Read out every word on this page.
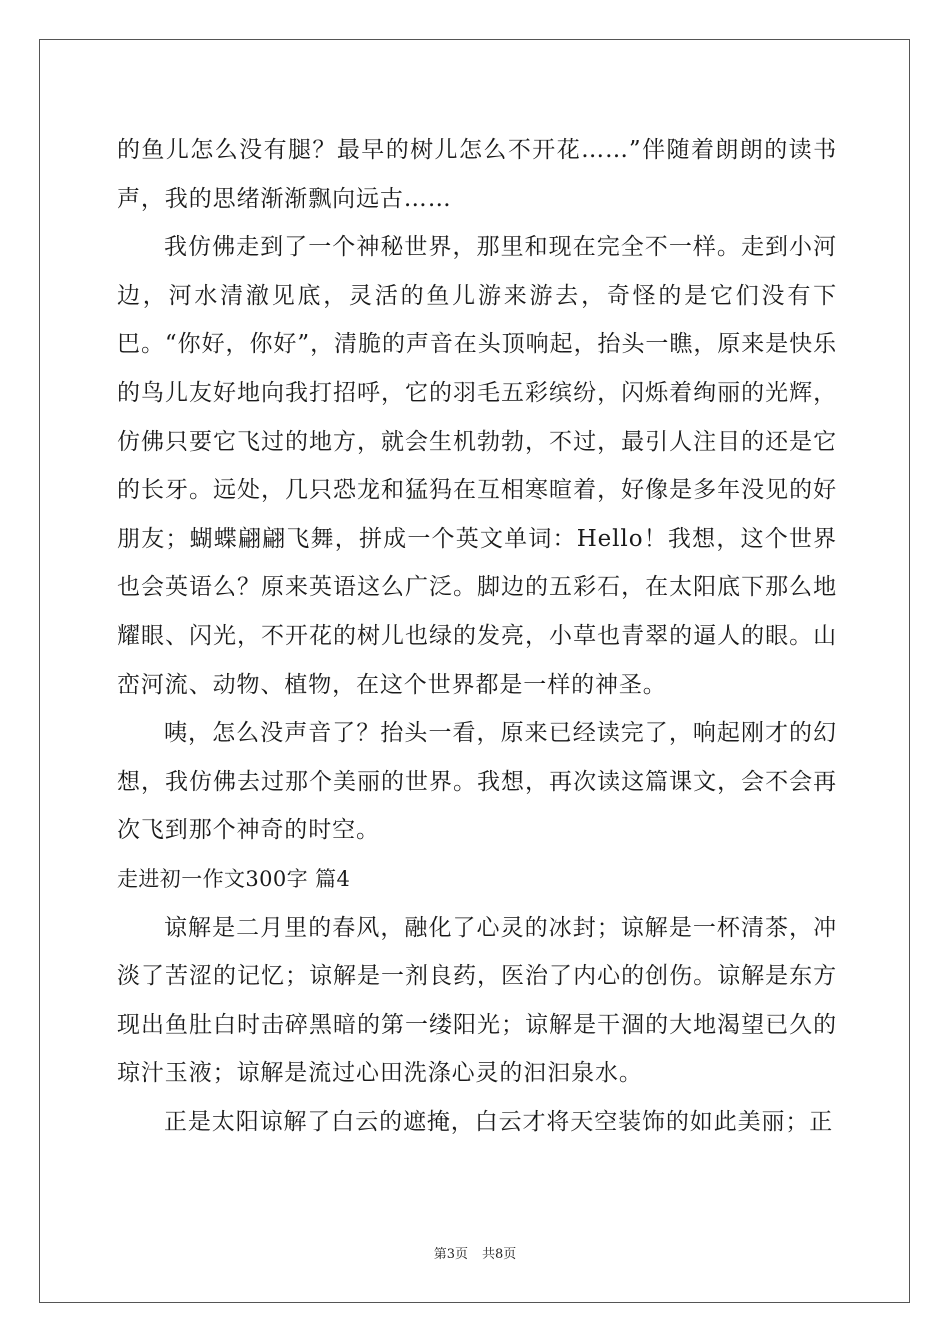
的鱼儿怎么没有腿？最早的树儿怎么不开花……”伴随着朗朗的读书声，我的思绪渐渐飘向远古……

我仿佛走到了一个神秘世界，那里和现在完全不一样。走到小河边，河水清澈见底，灵活的鱼儿游来游去，奇怪的是它们没有下巴。“你好，你好”，清脆的声音在头顶响起，抬头一瞧，原来是快乐的鸟儿友好地向我打招呼，它的羽毛五彩缤纷，闪烁着绚丽的光辉，仿佛只要它飞过的地方，就会生机勃勃，不过，最引人注目的还是它的长牙。远处，几只恐龙和猛犸在互相寒暄着，好像是多年没见的好朋友；蝴蝶翩翩飞舞，拼成一个英文单词：Hello！我想，这个世界也会英语么？原来英语这么广泛。脚边的五彩石，在太阳底下那么地耀眼、闪光，不开花的树儿也绿的发亮，小草也青翠的逼人的眼。山峦河流、动物、植物，在这个世界都是一样的神圣。

咦，怎么没声音了？抬头一看，原来已经读完了，响起刚才的幻想，我仿佛去过那个美丽的世界。我想，再次读这篇课文，会不会再次飞到那个神奇的时空。

走进初一作文300字 篇4

谅解是二月里的春风，融化了心灵的冰封；谅解是一杯清茶，冲淡了苦涩的记忆；谅解是一剂良药，医治了内心的创伤。谅解是东方现出鱼肚白时击碎黑暗的第一缕阳光；谅解是干涸的大地渴望已久的琼汁玉液；谅解是流过心田洗涤心灵的汩汩泉水。

正是太阳谅解了白云的遮掩，白云才将天空装饰的如此美丽；正

第3页 共8页
